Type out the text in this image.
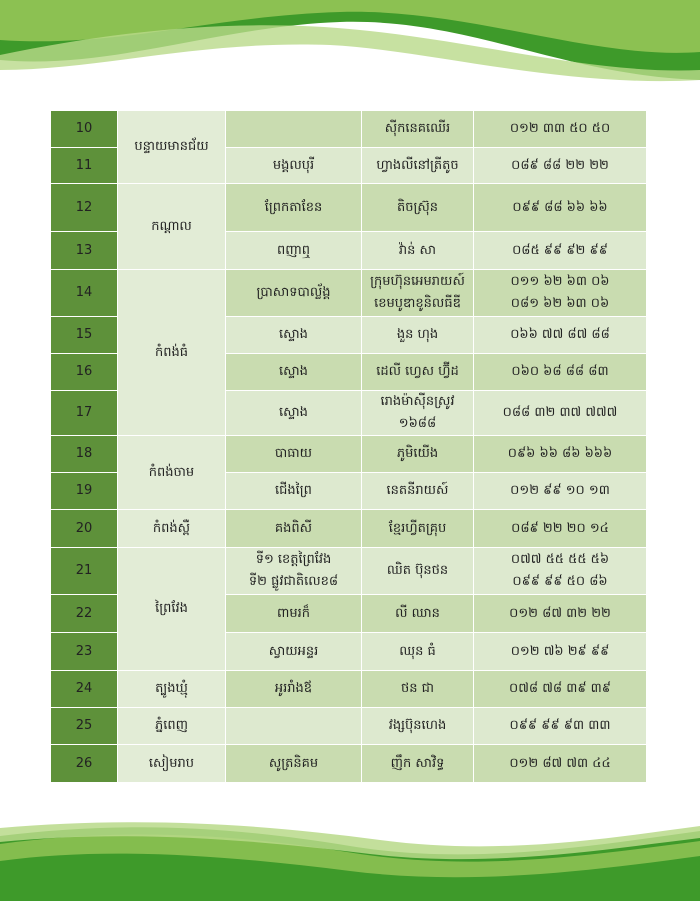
10	បន្ទាយមានជ័យ		ស៊ីកនេគឈើរ	០១២ ៣៣ ៥០ ៥០
11		មង្គលបុរី	ហ្វាងលីនៅត្រីតូច	០៨៩ ៨៨ ២២ ២២
12	កណ្ដាល	ព្រែកតាខែន	តិចស្រ៊ុន	០៩៩ ៨៨ ៦៦ ៦៦
13		ពញាឮ	វ៉ាន់ សា	០៨៥ ៩៩ ៩២ ៩៩
14	កំពង់ធំ	ប្រាសាទបាល្ល័ង្គ	ក្រុមហ៊ុនអេមរាយស៍
ខេមបូឌាខូនិលធីឌី	០១១ ៦២ ៦៣ ០៦
០៨១ ៦២ ៦៣ ០៦

15		ស្ទោង	ងួន ហុង	០៦៦ ៧៧ ៨៧ ៨៨
16		ស្ទោង	ដេលី ហ្វេស ហ្វ៊ីដ	០៦០ ៦៨ ៨៨ ៨៣
17		ស្ទោង	រោងម៉ាស៊ីនស្រូវ ១៦៨៨	០៨៨ ៣២ ៣៧ ៧៧៧
18	កំពង់ចាម	បាធាយ	ភូមិយើង	០៩៦ ៦៦ ៨៦ ៦៦៦
19		ជើងព្រៃ	នេតនីរាយស៍	០១២ ៩៩ ១០ ១៣
20	កំពង់ស្ពឺ	គងពិសី	ខ្មែរហ្វីតគ្រុប	០៨៩ ២២ ២០ ១៤
21	ព្រៃវែង	ទី១ ខេត្តព្រៃវែង
ទី២ ផ្លូវជាតិលេខ៨	ឈិត ប៊ុនថន	០៧៧ ៥៥ ៥៥ ៥៦
០៩៩ ៩៩ ៥០ ៨៦

22		ពាមរក៏	លី ឈាន	០១២ ៨៧ ៣២ ២២
23		ស្វាយអន្ទរ	ឈុន ធំ	០១២ ៧៦ ២៩ ៩៩
24	ត្បូងឃ្មុំ	អូររាំងឪ	ថន ជា	០៧៨ ៧៨ ៣៩ ៣៩
25	ភ្នំពេញ		វង្សប៊ុនហេង	០៩៩ ៩៩ ៩៣ ៣៣
26	សៀមរាប	សូត្រនិគម	ញឹក សាវិទ្ធ	០១២ ៨៧ ៧៣ ៤៤
